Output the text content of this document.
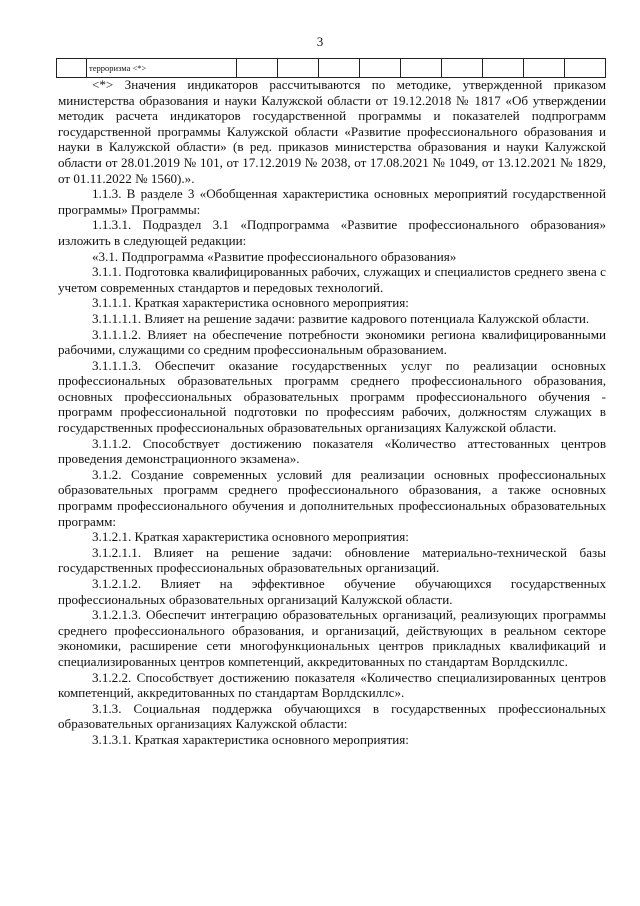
3
	терроризма <*>									

<*> Значения индикаторов рассчитываются по методике, утвержденной приказом министерства образования и науки Калужской области от 19.12.2018 № 1817 «Об утверждении методик расчета индикаторов государственной программы и показателей подпрограмм государственной программы Калужской области «Развитие профессионального образования и науки в Калужской области» (в ред. приказов министерства образования и науки Калужской области от 28.01.2019 № 101, от 17.12.2019 № 2038, от 17.08.2021 № 1049, от 13.12.2021 № 1829, от 01.11.2022 № 1560).».

1.1.3. В разделе 3 «Обобщенная характеристика основных мероприятий государственной программы» Программы:

1.1.3.1. Подраздел 3.1 «Подпрограмма «Развитие профессионального образования» изложить в следующей редакции:

«3.1. Подпрограмма «Развитие профессионального образования»

3.1.1. Подготовка квалифицированных рабочих, служащих и специалистов среднего звена с учетом современных стандартов и передовых технологий.

3.1.1.1. Краткая характеристика основного мероприятия:

3.1.1.1.1. Влияет на решение задачи: развитие кадрового потенциала Калужской области.

3.1.1.1.2. Влияет на обеспечение потребности экономики региона квалифицированными рабочими, служащими со средним профессиональным образованием.

3.1.1.1.3. Обеспечит оказание государственных услуг по реализации основных профессиональных образовательных программ среднего профессионального образования, основных профессиональных образовательных программ профессионального обучения - программ профессиональной подготовки по профессиям рабочих, должностям служащих в государственных профессиональных образовательных организациях Калужской области.

3.1.1.2. Способствует достижению показателя «Количество аттестованных центров проведения демонстрационного экзамена».

3.1.2. Создание современных условий для реализации основных профессиональных образовательных программ среднего профессионального образования, а также основных программ профессионального обучения и дополнительных профессиональных образовательных программ:

3.1.2.1. Краткая характеристика основного мероприятия:

3.1.2.1.1. Влияет на решение задачи: обновление материально-технической базы государственных профессиональных образовательных организаций.

3.1.2.1.2. Влияет на эффективное обучение обучающихся государственных профессиональных образовательных организаций Калужской области.

3.1.2.1.3. Обеспечит интеграцию образовательных организаций, реализующих программы среднего профессионального образования, и организаций, действующих в реальном секторе экономики, расширение сети многофункциональных центров прикладных квалификаций и специализированных центров компетенций, аккредитованных по стандартам Ворлдскиллс.

3.1.2.2. Способствует достижению показателя «Количество специализированных центров компетенций, аккредитованных по стандартам Ворлдскиллс».

3.1.3. Социальная поддержка обучающихся в государственных профессиональных образовательных организациях Калужской области:

3.1.3.1. Краткая характеристика основного мероприятия:
